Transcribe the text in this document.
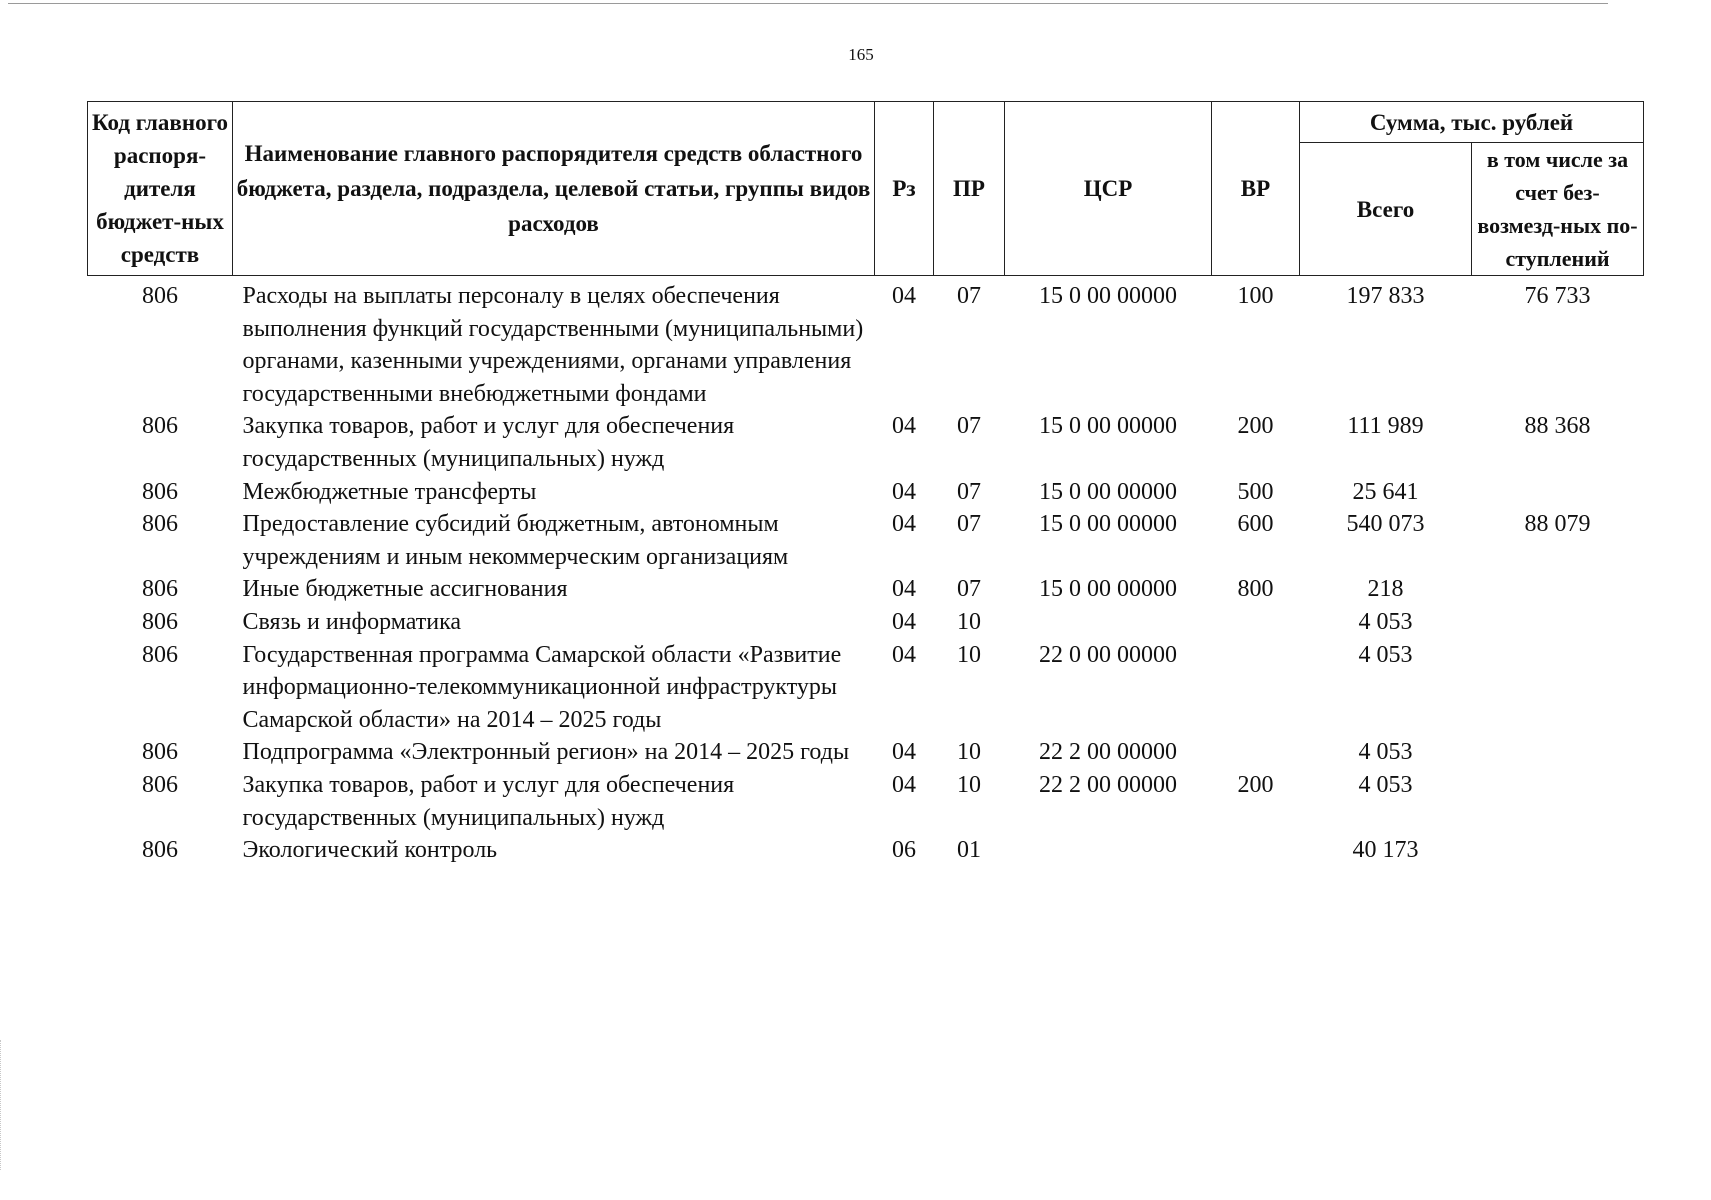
165
Код главного распоря-дителя бюджет-ных средств	Наименование главного распорядителя средств областного бюджета, раздела, подраздела, целевой статьи, группы видов расходов	Рз	ПР	ЦСР	ВР	Сумма, тыс. рублей	
						Всего	в том числе за счет без-возмезд-ных по-ступлений
806	Расходы на выплаты персоналу в целях обеспечения выполнения функций государственными (муниципальными) органами, казенными учреждениями, органами управления государственными внебюджетными фондами	04	07	15 0 00 00000	100	197 833	76 733
806	Закупка товаров, работ и услуг для обеспечения государственных (муниципальных) нужд	04	07	15 0 00 00000	200	111 989	88 368
806	Межбюджетные трансферты	04	07	15 0 00 00000	500	25 641	
806	Предоставление субсидий бюджетным, автономным учреждениям и иным некоммерческим организациям	04	07	15 0 00 00000	600	540 073	88 079
806	Иные бюджетные ассигнования	04	07	15 0 00 00000	800	218	
806	Связь и информатика	04	10			4 053	
806	Государственная программа Самарской области «Развитие информационно-телекоммуникационной инфраструктуры Самарской области» на 2014 – 2025 годы	04	10	22 0 00 00000		4 053	
806	Подпрограмма «Электронный регион» на 2014 – 2025 годы	04	10	22 2 00 00000		4 053	
806	Закупка товаров, работ и услуг для обеспечения государственных (муниципальных) нужд	04	10	22 2 00 00000	200	4 053	
806	Экологический контроль	06	01			40 173	
